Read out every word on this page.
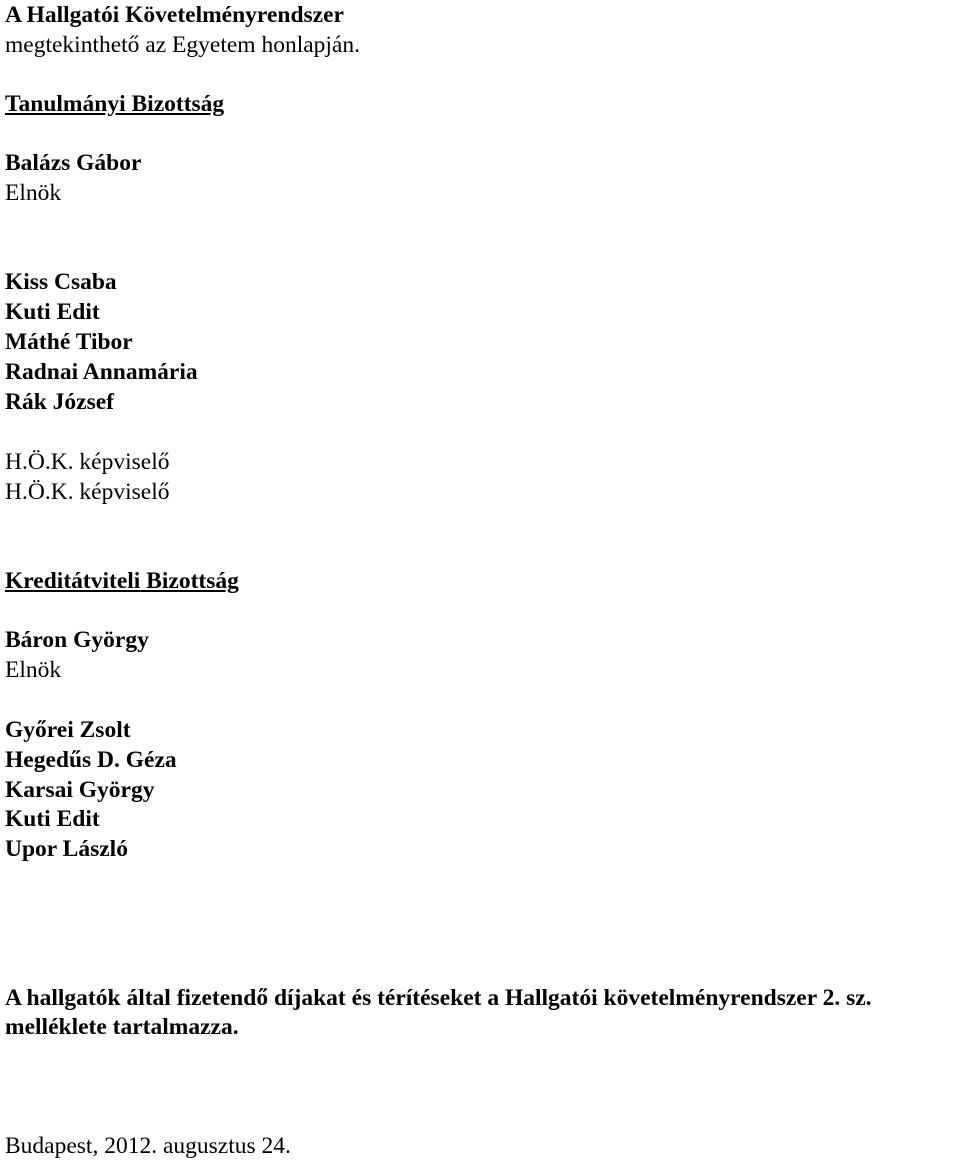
A Hallgatói Követelményrendszer
megtekinthető az Egyetem honlapján.
Tanulmányi Bizottság
Balázs Gábor
Elnök
Kiss Csaba
Kuti Edit
Máthé Tibor
Radnai Annamária
Rák József
H.Ö.K. képviselő
H.Ö.K. képviselő
Kreditátviteli Bizottság
Báron György
Elnök
Győrei Zsolt
Hegedűs D. Géza
Karsai György
Kuti Edit
Upor László
A hallgatók által fizetendő díjakat és térítéseket a Hallgatói követelményrendszer 2. sz.
melléklete tartalmazza.
Budapest, 2012. augusztus 24.
